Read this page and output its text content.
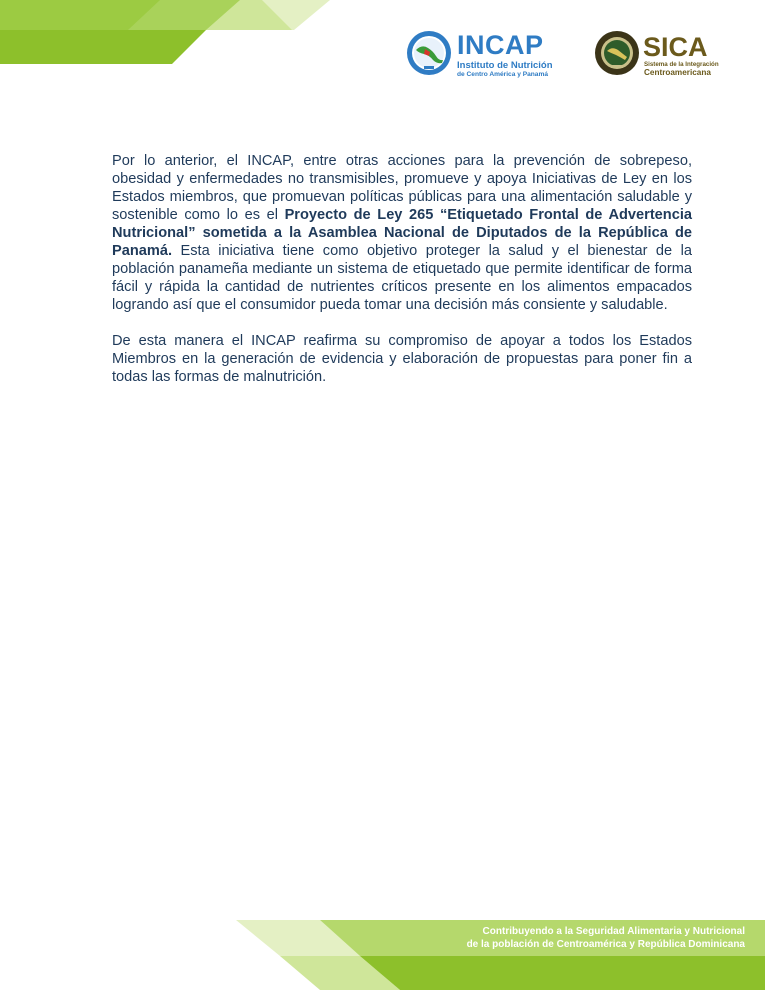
INCAP
Instituto de Nutrición
de Centro América y Panamá
SICA
Sistema de la Integración
Centroamericana

Por lo anterior, el INCAP, entre otras acciones para la prevención de sobrepeso, obesidad y enfermedades no transmisibles, promueve y apoya Iniciativas de Ley en los Estados miembros, que promuevan políticas públicas para una alimentación saludable y sostenible como lo es el Proyecto de Ley 265 “Etiquetado Frontal de Advertencia Nutricional” sometida a la Asamblea Nacional de Diputados de la República de Panamá. Esta iniciativa tiene como objetivo proteger la salud y el bienestar de la población panameña mediante un sistema de etiquetado que permite identificar de forma fácil y rápida la cantidad de nutrientes críticos presente en los alimentos empacados logrando así que el consumidor pueda tomar una decisión más consiente y saludable.

De esta manera el INCAP reafirma su compromiso de apoyar a todos los Estados Miembros en la generación de evidencia y elaboración de propuestas para poner fin a todas las formas de malnutrición.

Contribuyendo a la Seguridad Alimentaria y Nutricional
de la población de Centroamérica y República Dominicana
